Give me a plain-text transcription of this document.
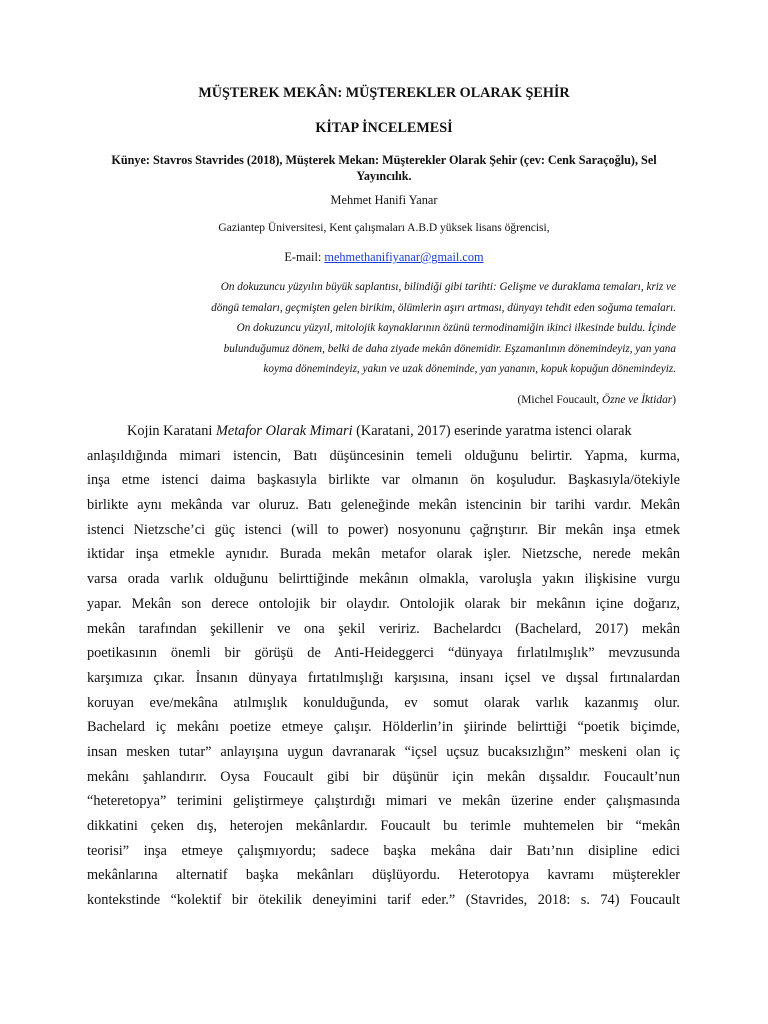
MÜŞTEREK MEKÂN: MÜŞTEREKLER OLARAK ŞEHİR
KİTAP İNCELEMESİ
Künye: Stavros Stavrides (2018), Müşterek Mekan: Müşterekler Olarak Şehir (çev: Cenk Saraçoğlu), Sel
Yayıncılık.
Mehmet Hanifi Yanar
Gaziantep Üniversitesi, Kent çalışmaları A.B.D yüksek lisans öğrencisi,
E-mail: mehmethanifiyanar@gmail.com
On dokuzuncu yüzyılın büyük saplantısı, bilindiği gibi tarihti: Gelişme ve duraklama temaları, kriz ve
döngü temaları, geçmişten gelen birikim, ölümlerin aşırı artması, dünyayı tehdit eden soğuma temaları.
On dokuzuncu yüzyıl, mitolojik kaynaklarının özünü termodinamiğin ikinci ilkesinde buldu. İçinde
bulunduğumuz dönem, belki de daha ziyade mekân dönemidir. Eşzamanlının dönemindeyiz, yan yana
koyma dönemindeyiz, yakın ve uzak döneminde, yan yananın, kopuk kopuğun dönemindeyiz.
(Michel Foucault, Özne ve İktidar)
Kojin Karatani Metafor Olarak Mimari (Karatani, 2017) eserinde yaratma istenci olarak
anlaşıldığında mimari istencin, Batı düşüncesinin temeli olduğunu belirtir. Yapma, kurma,
inşa etme istenci daima başkasıyla birlikte var olmanın ön koşuludur. Başkasıyla/ötekiyle
birlikte aynı mekânda var oluruz. Batı geleneğinde mekân istencinin bir tarihi vardır. Mekân
istenci Nietzsche’ci güç istenci (will to power) nosyonunu çağrıştırır. Bir mekân inşa etmek
iktidar inşa etmekle aynıdır. Burada mekân metafor olarak işler. Nietzsche, nerede mekân
varsa orada varlık olduğunu belirttiğinde mekânın olmakla, varoluşla yakın ilişkisine vurgu
yapar. Mekân son derece ontolojik bir olaydır. Ontolojik olarak bir mekânın içine doğarız,
mekân tarafından şekillenir ve ona şekil veririz. Bachelardcı (Bachelard, 2017) mekân
poetikasının önemli bir görüşü de Anti-Heideggerci “dünyaya fırlatılmışlık” mevzusunda
karşımıza çıkar. İnsanın dünyaya fırtatılmışlığı karşısına, insanı içsel ve dışsal fırtınalardan
koruyan eve/mekâna atılmışlık konulduğunda, ev somut olarak varlık kazanmış olur.
Bachelard iç mekânı poetize etmeye çalışır. Hölderlin’in şiirinde belirttiği “poetik biçimde,
insan mesken tutar” anlayışına uygun davranarak “içsel uçsuz bucaksızlığın” meskeni olan iç
mekânı şahlandırır. Oysa Foucault gibi bir düşünür için mekân dışsaldır. Foucault’nun
“heteretopya” terimini geliştirmeye çalıştırdığı mimari ve mekân üzerine ender çalışmasında
dikkatini çeken dış, heterojen mekânlardır. Foucault bu terimle muhtemelen bir “mekân
teorisi” inşa etmeye çalışmıyordu; sadece başka mekâna dair Batı’nın disipline edici
mekânlarına alternatif başka mekânları düşlüyordu. Heterotopya kavramı müşterekler
kontekstinde “kolektif bir ötekilik deneyimini tarif eder.” (Stavrides, 2018: s. 74) Foucault
